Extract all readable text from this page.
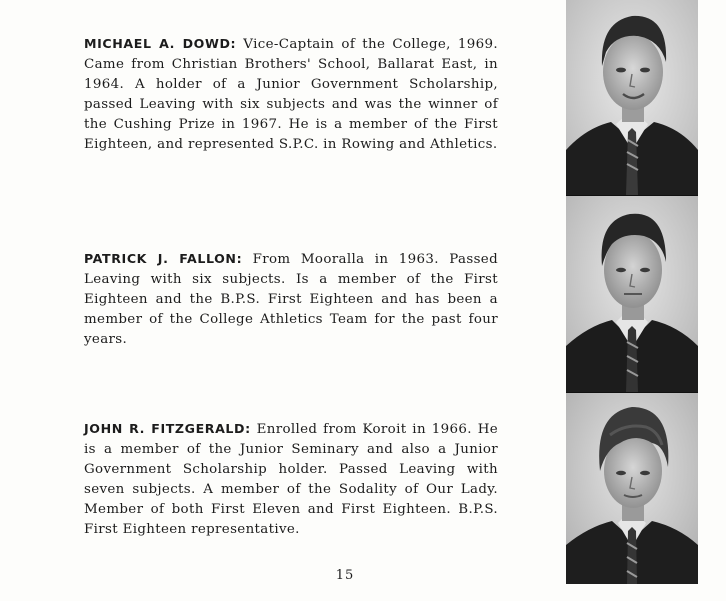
MICHAEL A. DOWD: Vice-Captain of the College, 1969. Came from Christian Brothers' School, Ballarat East, in 1964. A holder of a Junior Government Scholarship, passed Leaving with six subjects and was the winner of the Cushing Prize in 1967. He is a member of the First Eighteen, and represented S.P.C. in Rowing and Athletics.

PATRICK J. FALLON: From Mooralla in 1963. Passed Leaving with six subjects. Is a member of the First Eighteen and the B.P.S. First Eighteen and has been a member of the College Athletics Team for the past four years.

JOHN R. FITZGERALD: Enrolled from Koroit in 1966. He is a member of the Junior Seminary and also a Junior Government Scholarship holder. Passed Leaving with seven subjects. A member of the Sodality of Our Lady. Member of both First Eleven and First Eighteen. B.P.S. First Eighteen representative.

15
